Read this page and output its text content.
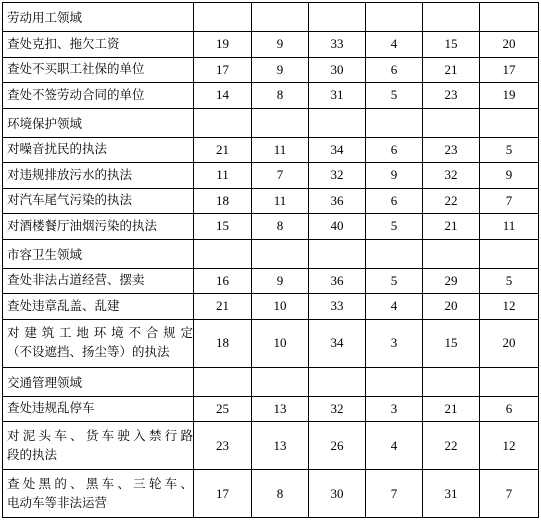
劳动用工领域						
查处克扣、拖欠工资	19	9	33	4	15	20
查处不买职工社保的单位	17	9	30	6	21	17
查处不签劳动合同的单位	14	8	31	5	23	19
环境保护领域						
对噪音扰民的执法	21	11	34	6	23	5
对违规排放污水的执法	11	7	32	9	32	9
对汽车尾气污染的执法	18	11	36	6	22	7
对酒楼餐厅油烟污染的执法	15	8	40	5	21	11
市容卫生领域						
查处非法占道经营、摆卖	16	9	36	5	29	5
查处违章乱盖、乱建	21	10	33	4	20	12

对建筑工地环境不合规定
（不设遮挡、扬尘等）的执法	18	10	34	3	15	20
交通管理领域						
查处违规乱停车	25	13	32	3	21	6

对泥头车、货车驶入禁行路
段的执法	23	13	26	4	22	12

查处黑的、黑车、三轮车、
电动车等非法运营	17	8	30	7	31	7
